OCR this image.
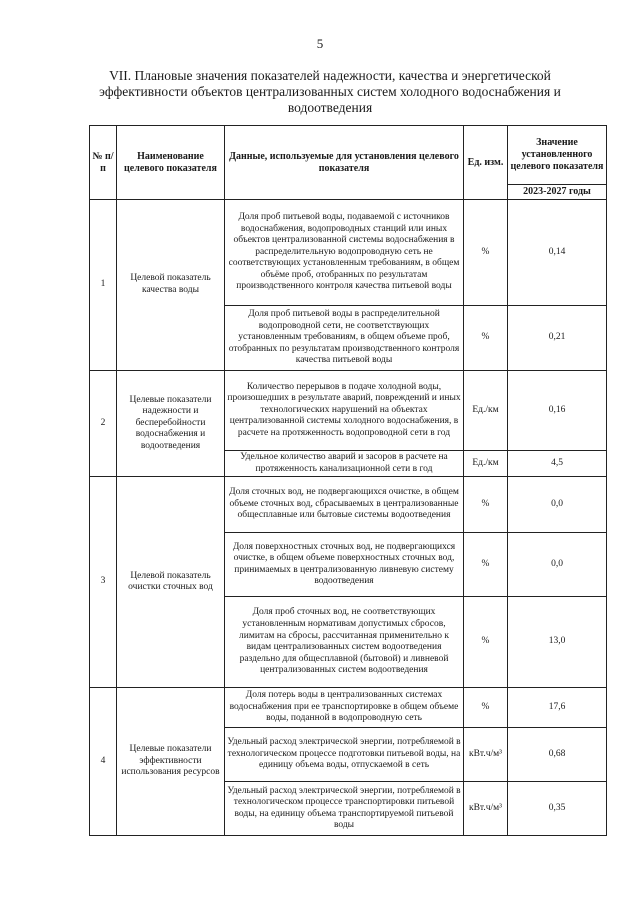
5
VII. Плановые значения показателей надежности, качества и энергетической эффективности объектов централизованных систем холодного водоснабжения и водоотведения
№ п/п	Наименование целевого показателя	Данные, используемые для установления целевого показателя	Ед. изм.	Значение установленного целевого показателя
				2023-2027 годы
1	Целевой показатель качества воды	Доля проб питьевой воды, подаваемой с источников водоснабжения, водопроводных станций или иных объектов централизованной системы водоснабжения в распределительную водопроводную сеть не соответствующих установленным требованиям, в общем объёме проб, отобранных по результатам производственного контроля качества питьевой воды	%	0,14
		Доля проб питьевой воды в распределительной водопроводной сети, не соответствующих установленным требованиям, в общем объеме проб, отобранных по результатам производственного контроля качества питьевой воды	%	0,21
2	Целевые показатели надежности и бесперебойности водоснабжения и водоотведения	Количество перерывов в подаче холодной воды, произошедших в результате аварий, повреждений и иных технологических нарушений на объектах централизованной системы холодного водоснабжения, в расчете на протяженность водопроводной сети в год	Ед./км	0,16
		Удельное количество аварий и засоров в расчете на протяженность канализационной сети в год	Ед./км	4,5
3	Целевой показатель очистки сточных вод	Доля сточных вод, не подвергающихся очистке, в общем объеме сточных вод, сбрасываемых в централизованные общесплавные или бытовые системы водоотведения	%	0,0
		Доля поверхностных сточных вод, не подвергающихся очистке, в общем объеме поверхностных сточных вод, принимаемых в централизованную ливневую систему водоотведения	%	0,0
		Доля проб сточных вод, не соответствующих установленным нормативам допустимых сбросов, лимитам на сбросы, рассчитанная применительно к видам централизованных систем водоотведения раздельно для общесплавной (бытовой) и ливневой централизованных систем водоотведения	%	13,0
4	Целевые показатели эффективности использования ресурсов	Доля потерь воды в централизованных системах водоснабжения при ее транспортировке в общем объеме воды, поданной в водопроводную сеть	%	17,6
		Удельный расход электрической энергии, потребляемой в технологическом процессе подготовки питьевой воды, на единицу объема воды, отпускаемой в сеть	кВт.ч/м³	0,68
		Удельный расход электрической энергии, потребляемой в технологическом процессе транспортировки питьевой воды, на единицу объема транспортируемой питьевой воды	кВт.ч/м³	0,35
